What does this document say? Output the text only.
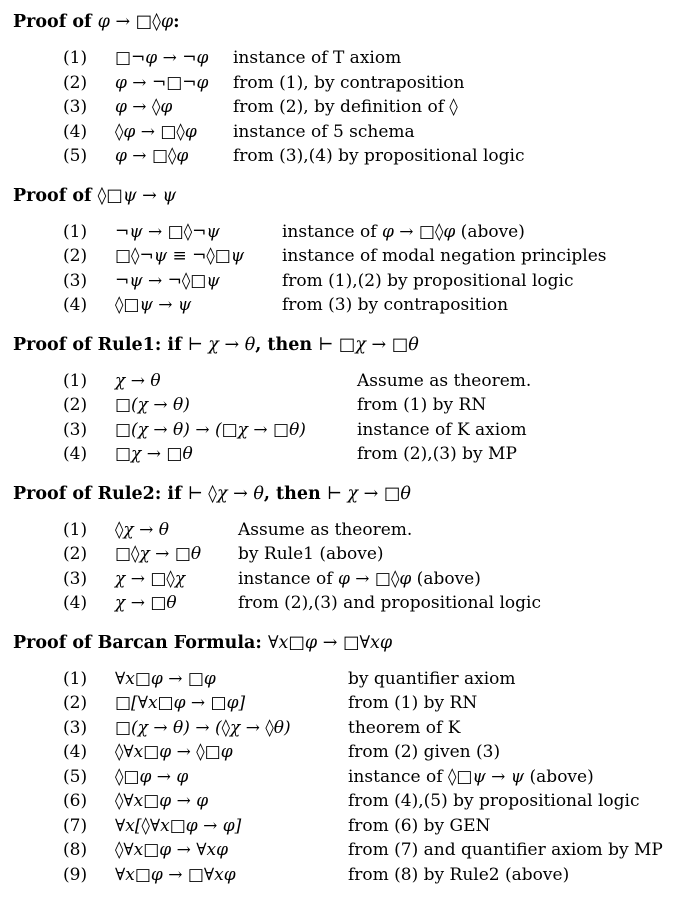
Proof of φ → □◊φ:
(1)	□¬φ → ¬φ	instance of T axiom
(2)	φ → ¬□¬φ	from (1), by contraposition
(3)	φ → ◊φ	from (2), by definition of ◊
(4)	◊φ → □◊φ	instance of 5 schema
(5)	φ → □◊φ	from (3),(4) by propositional logic
Proof of ◊□ψ → ψ
(1)	¬ψ → □◊¬ψ	instance of φ → □◊φ (above)
(2)	□◊¬ψ ≡ ¬◊□ψ	instance of modal negation principles
(3)	¬ψ → ¬◊□ψ	from (1),(2) by propositional logic
(4)	◊□ψ → ψ	from (3) by contraposition
Proof of Rule1: if ⊢ χ → θ, then ⊢ □χ → □θ
(1)	χ → θ	Assume as theorem.
(2)	□(χ → θ)	from (1) by RN
(3)	□(χ → θ) → (□χ → □θ)	instance of K axiom
(4)	□χ → □θ	from (2),(3) by MP
Proof of Rule2: if ⊢ ◊χ → θ, then ⊢ χ → □θ
(1)	◊χ → θ	Assume as theorem.
(2)	□◊χ → □θ	by Rule1 (above)
(3)	χ → □◊χ	instance of φ → □◊φ (above)
(4)	χ → □θ	from (2),(3) and propositional logic
Proof of Barcan Formula: ∀x□φ → □∀xφ
(1)	∀x□φ → □φ	by quantifier axiom
(2)	□[∀x□φ → □φ]	from (1) by RN
(3)	□(χ → θ) → (◊χ → ◊θ)	theorem of K
(4)	◊∀x□φ → ◊□φ	from (2) given (3)
(5)	◊□φ → φ	instance of ◊□ψ → ψ (above)
(6)	◊∀x□φ → φ	from (4),(5) by propositional logic
(7)	∀x[◊∀x□φ → φ]	from (6) by GEN
(8)	◊∀x□φ → ∀xφ	from (7) and quantifier axiom by MP
(9)	∀x□φ → □∀xφ	from (8) by Rule2 (above)
